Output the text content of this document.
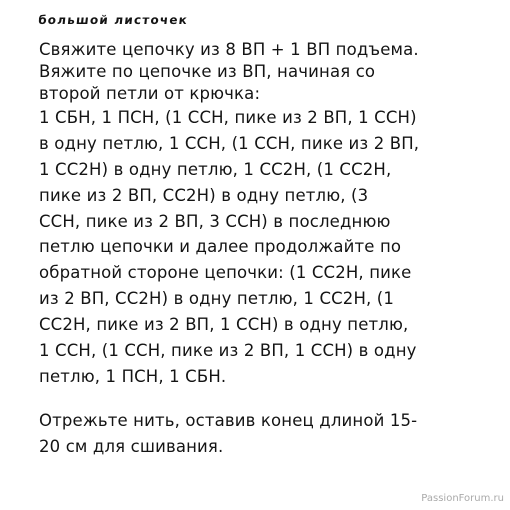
большой листочек
Свяжите цепочку из 8 ВП + 1 ВП подъема.
Вяжите по цепочке из ВП, начиная со
второй петли от крючка:
1 СБН, 1 ПСН, (1 ССН, пике из 2 ВП, 1 ССН)
в одну петлю, 1 ССН, (1 ССН, пике из 2 ВП,
1 СС2Н) в одну петлю, 1 СС2Н, (1 СС2Н,
пике из 2 ВП, СС2Н) в одну петлю, (3
ССН, пике из 2 ВП, 3 ССН) в последнюю
петлю цепочки и далее продолжайте по
обратной стороне цепочки: (1 СС2Н, пике
из 2 ВП, СС2Н) в одну петлю, 1 СС2Н, (1
СС2Н, пике из 2 ВП, 1 ССН) в одну петлю,
1 ССН, (1 ССН, пике из 2 ВП, 1 ССН) в одну
петлю, 1 ПСН, 1 СБН.
Отрежьте нить, оставив конец длиной 15-
20 см для сшивания.
PassionForum.ru
